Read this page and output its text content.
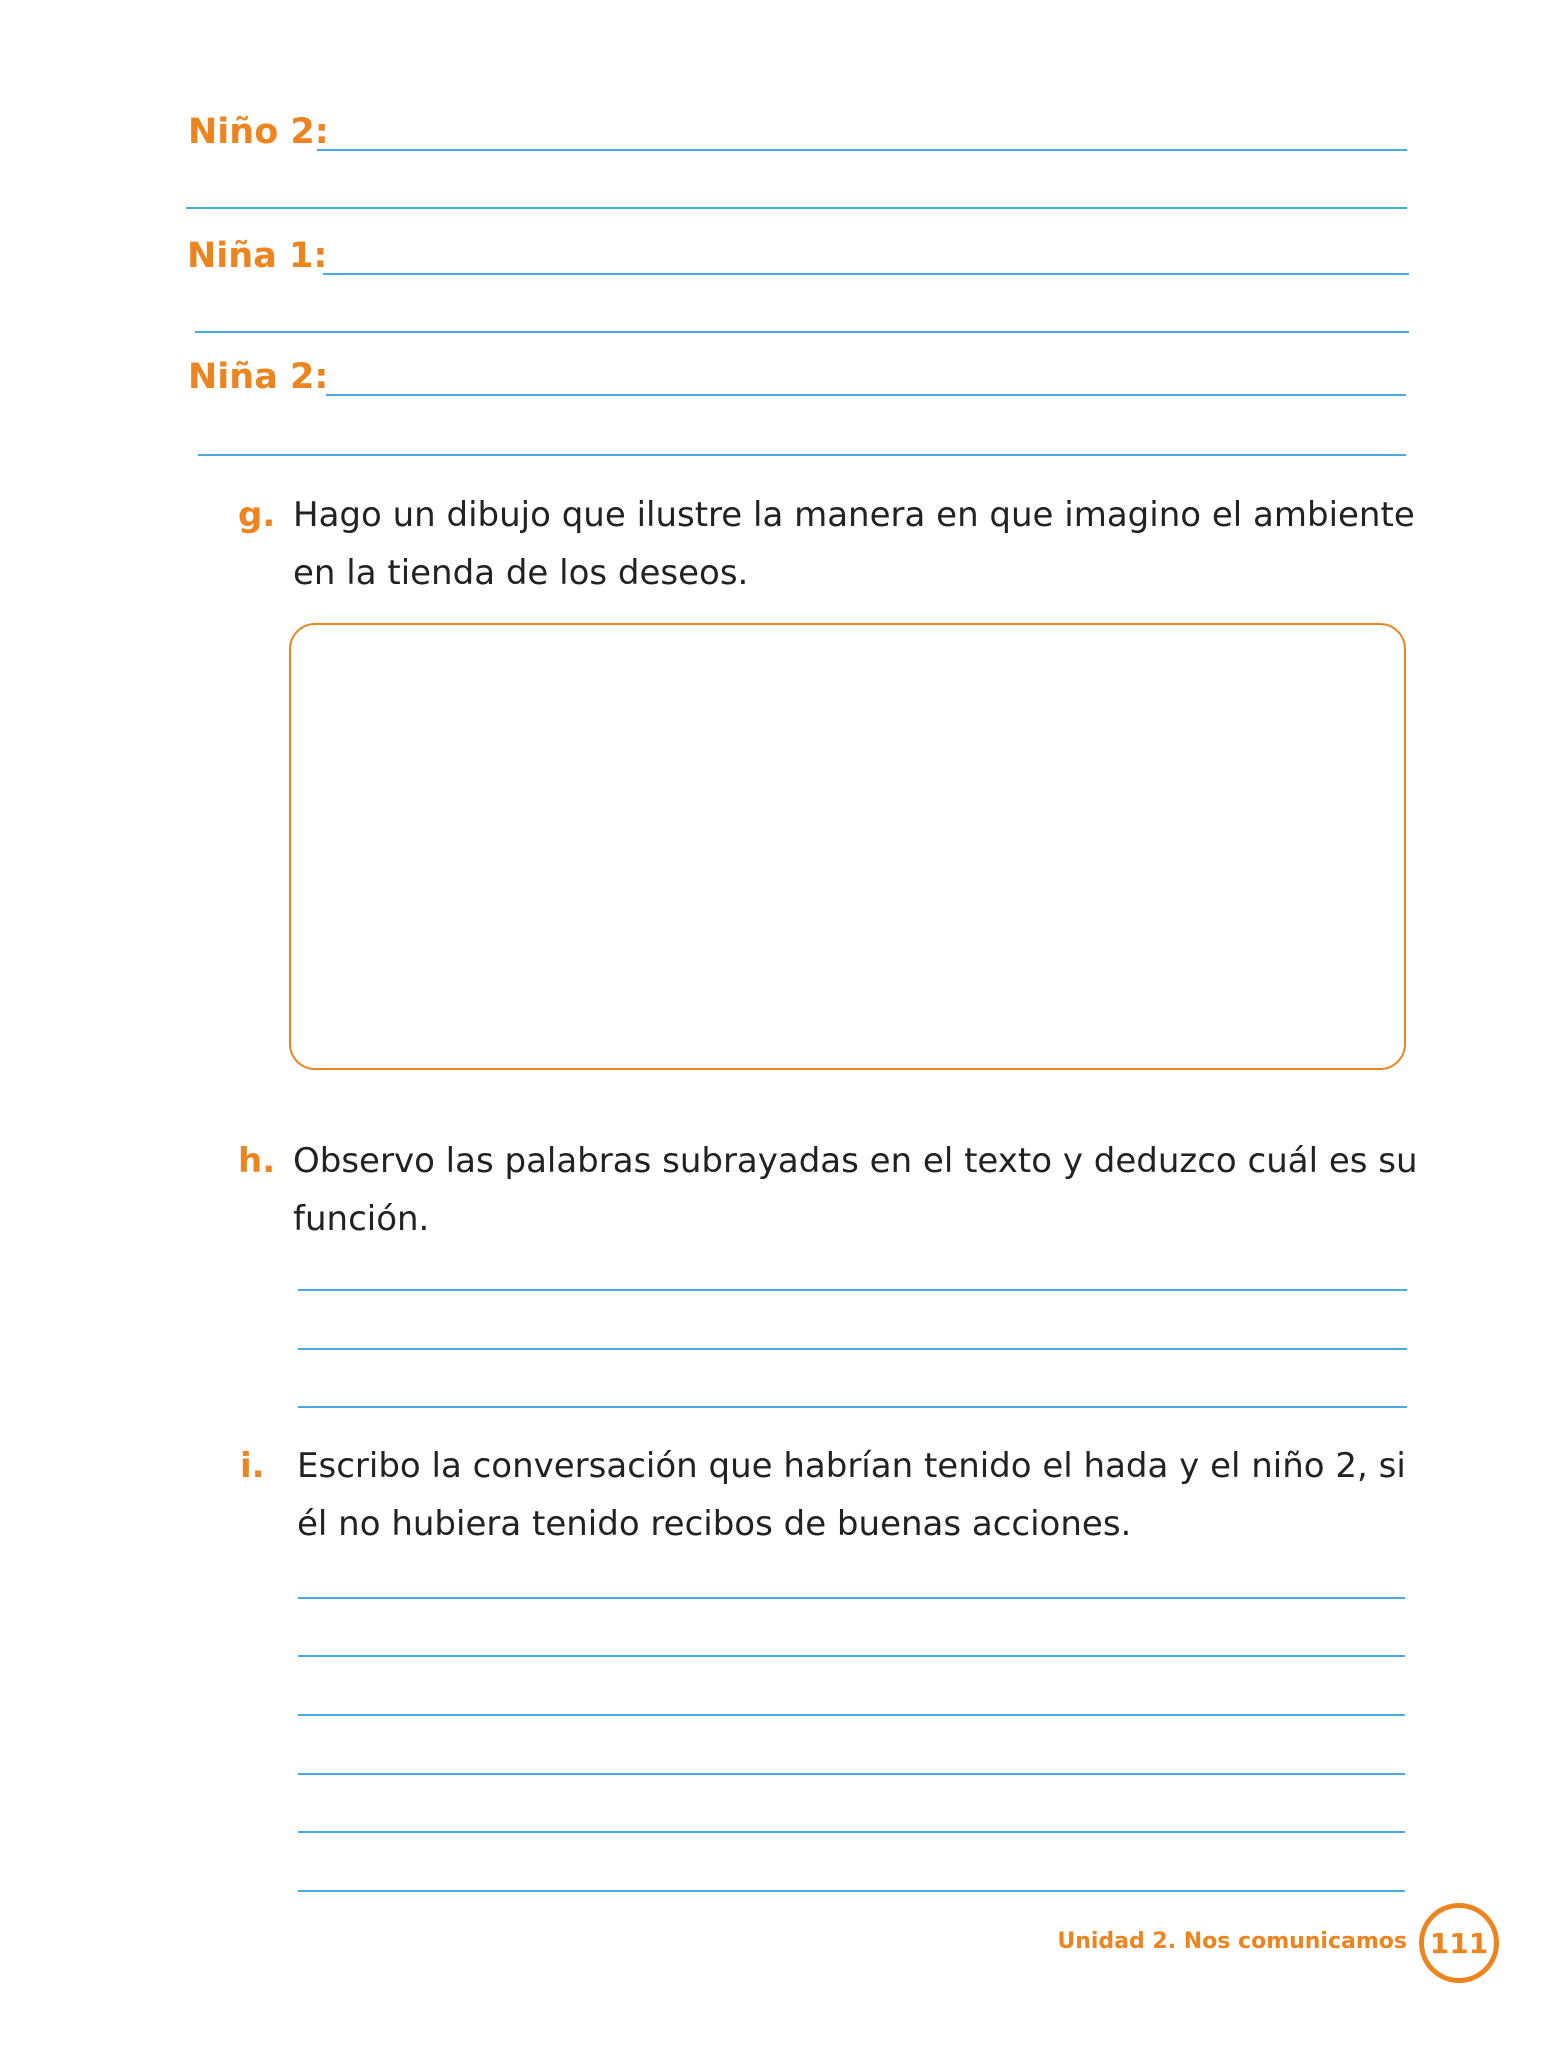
Niño 2:
Niña 1:
Niña 2:
g. Hago un dibujo que ilustre la manera en que imagino el ambiente en la tienda de los deseos.
h. Observo las palabras subrayadas en el texto y deduzco cuál es su función.
i. Escribo la conversación que habrían tenido el hada y el niño 2, si él no hubiera tenido recibos de buenas acciones.
Unidad 2. Nos comunicamos 111
